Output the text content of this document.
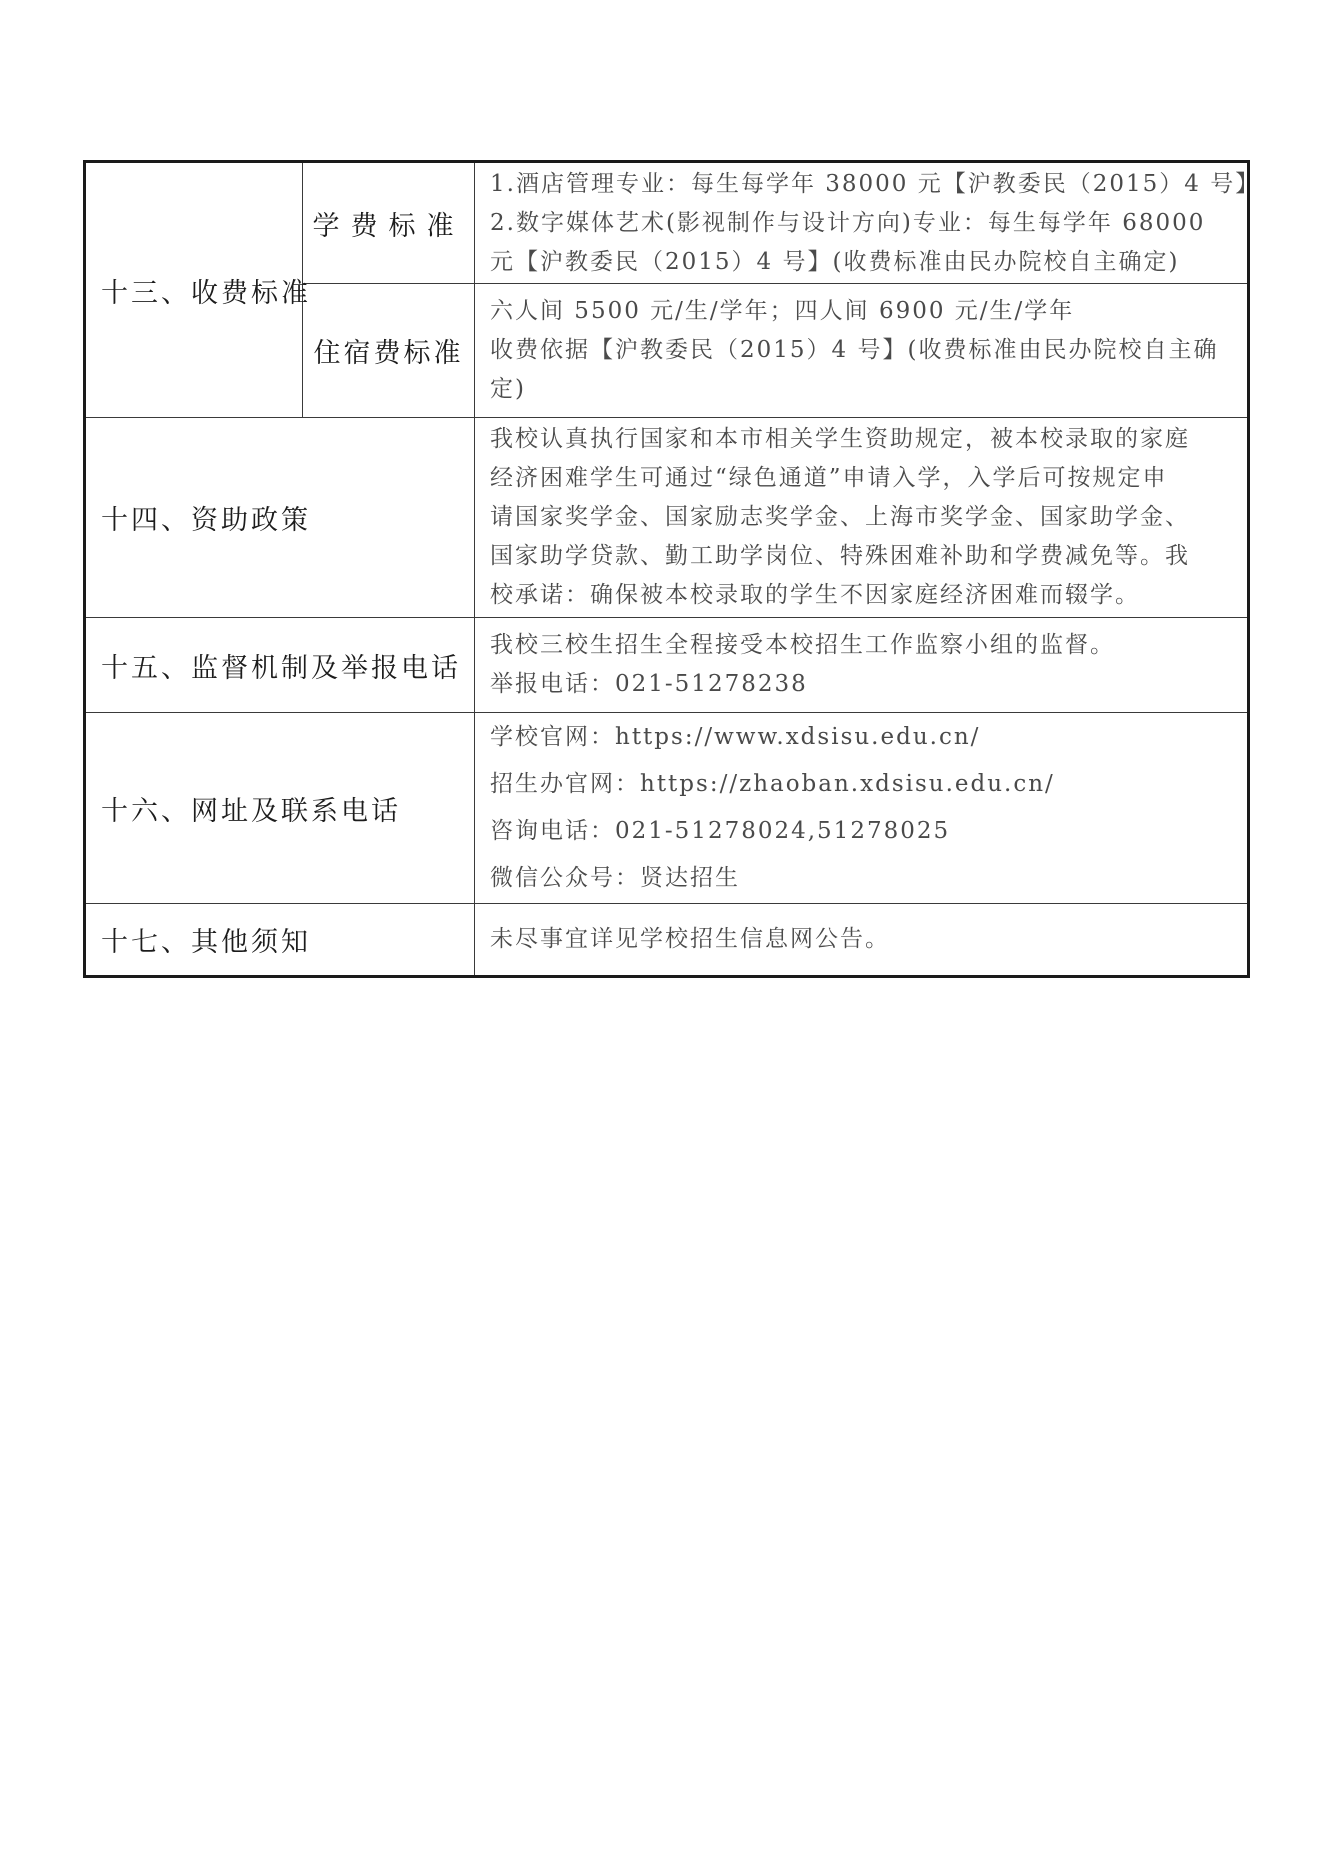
十三、收费标准	学费标准	1.酒店管理专业：每生每学年 38000 元【沪教委民（2015）4 号】
2.数字媒体艺术(影视制作与设计方向)专业：每生每学年 68000
元【沪教委民（2015）4 号】(收费标准由民办院校自主确定)

	住宿费标准	六人间 5500 元/生/学年；四人间 6900 元/生/学年
收费依据【沪教委民（2015）4 号】(收费标准由民办院校自主确
定)

十四、资助政策		我校认真执行国家和本市相关学生资助规定，被本校录取的家庭
经济困难学生可通过“绿色通道”申请入学，入学后可按规定申
请国家奖学金、国家励志奖学金、上海市奖学金、国家助学金、
国家助学贷款、勤工助学岗位、特殊困难补助和学费减免等。我
校承诺：确保被本校录取的学生不因家庭经济困难而辍学。

十五、监督机制及举报电话		我校三校生招生全程接受本校招生工作监察小组的监督。
举报电话：021-51278238

十六、网址及联系电话		学校官网：https://www.xdsisu.edu.cn/
招生办官网：https://zhaoban.xdsisu.edu.cn/
咨询电话：021-51278024,51278025
微信公众号：贤达招生

十七、其他须知		未尽事宜详见学校招生信息网公告。
